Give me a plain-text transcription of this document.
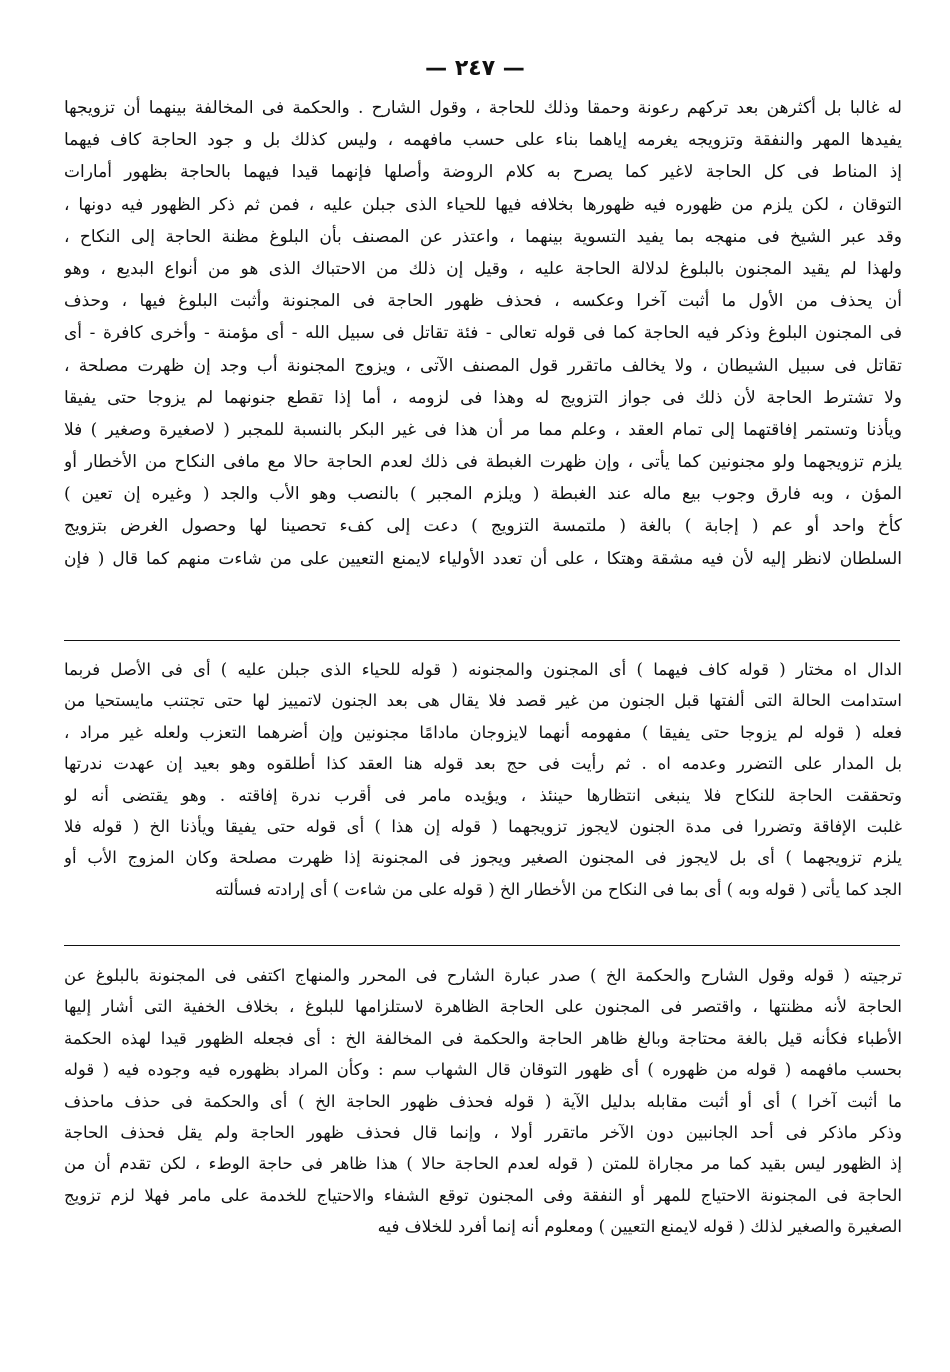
— ٢٤٧ —
له غالبا بل أكثرهن بعد تركهم رعونة وحمقا وذلك للحاجة ، وقول الشارح . والحكمة فى المخالفة بينهما أن تزويجها
يفيدها المهر والنفقة وتزويجه يغرمه إياهما بناء على حسب مافهمه ، وليس كذلك بل و جود الحاجة كاف فيهما
إذ المناط فى كل الحاجة لاغير كما يصرح به كلام الروضة وأصلها فإنهما قيدا فيهما بالحاجة بظهور أمارات
التوقان ، لكن يلزم من ظهوره فيه ظهورها بخلافه فيها للحياء الذى جبلن عليه ، فمن ثم ذكر الظهور فيه دونها ،
وقد عبر الشيخ فى منهجه بما يفيد التسوية بينهما ، واعتذر عن المصنف بأن البلوغ مظنة الحاجة إلى النكاح ،
ولهذا لم يقيد المجنون بالبلوغ لدلالة الحاجة عليه ، وقيل إن ذلك من الاحتباك الذى هو من أنواع البديع ، وهو
أن يحذف من الأول ما أثبت آخرا وعكسه ، فحذف ظهور الحاجة فى المجنونة وأثبت البلوغ فيها ، وحذف
فى المجنون البلوغ وذكر فيه الحاجة كما فى قوله تعالى - فئة تقاتل فى سبيل الله - أى مؤمنة - وأخرى كافرة - أى
تقاتل فى سبيل الشيطان ، ولا يخالف ماتقرر قول المصنف الآتى ، ويزوج المجنونة أب وجد إن ظهرت مصلحة ،
ولا تشترط الحاجة لأن ذلك فى جواز التزويج له وهذا فى لزومه ، أما إذا تقطع جنونهما لم يزوجا حتى يفيقا
ويأذنا وتستمر إفاقتهما إلى تمام العقد ، وعلم مما مر أن هذا فى غير البكر بالنسبة للمجبر ( لاصغيرة وصغير ) فلا
يلزم تزويجهما ولو مجنونين كما يأتى ، وإن ظهرت الغبطة فى ذلك لعدم الحاجة حالا مع مافى النكاح من الأخطار أو
المؤن ، وبه فارق وجوب بيع ماله عند الغبطة ( ويلزم المجبر ) بالنصب وهو الأب والجد ( وغيره إن تعين )
كأخ واحد أو عم ( إجابة ) بالغة ( ملتمسة التزويج ) دعت إلى كفء تحصينا لها وحصول الغرض بتزويج
السلطان لانظر إليه لأن فيه مشقة وهتكا ، على أن تعدد الأولياء لايمنع التعيين على من شاءت منهم كما قال ( فإن
الدال اه مختار ( قوله كاف فيهما ) أى المجنون والمجنونه ( قوله للحياء الذى جبلن عليه ) أى فى الأصل فربما
استدامت الحالة التى ألفتها قبل الجنون من غير قصد فلا يقال هى بعد الجنون لاتمييز لها حتى تجتنب مايستحيا من
فعله ( قوله لم يزوجا حتى يفيقا ) مفهومه أنهما لايزوجان مادامًا مجنونين وإن أضرهما التعزب ولعله غير مراد ،
بل المدار على التضرر وعدمه اه . ثم رأيت فى حج بعد قوله هنا العقد كذا أطلقوه وهو بعيد إن عهدت ندرتها
وتحققت الحاجة للنكاح فلا ينبغى انتظارها حينئذ ، ويؤيده مامر فى أقرب ندرة إفاقته . وهو يقتضى أنه لو
غلبت الإفاقة وتضررا فى مدة الجنون لايجوز تزويجهما ( قوله إن هذا ) أى قوله حتى يفيقا ويأذنا الخ ( قوله فلا
يلزم تزويجهما ) أى بل لايجوز فى المجنون الصغير ويجوز فى المجنونة إذا ظهرت مصلحة وكان المزوج الأب أو
الجد كما يأتى ( قوله وبه ) أى بما فى النكاح من الأخطار الخ ( قوله على من شاءت ) أى إرادته فسألته
ترجيته ( قوله وقول الشارح والحكمة الخ ) صدر عبارة الشارح فى المحرر والمنهاج اكتفى فى المجنونة بالبلوغ عن
الحاجة لأنه مظنتها ، واقتصر فى المجنون على الحاجة الظاهرة لاستلزامها للبلوغ ، بخلاف الخفية التى أشار إليها
الأطباء فكأنه قيل بالغة محتاجة وبالغ ظاهر الحاجة والحكمة فى المخالفة الخ : أى فجعله الظهور قيدا لهذه الحكمة
بحسب مافهمه ( قوله من ظهوره ) أى ظهور التوقان قال الشهاب سم : وكأن المراد بظهوره فيه وجوده فيه ( قوله
ما أثبت آخرا ) أى أو أثبت مقابله بدليل الآية ( قوله فحذف ظهور الحاجة الخ ) أى والحكمة فى حذف ماحذف
وذكر ماذكر فى أحد الجانبين دون الآخر ماتقرر أولا ، وإنما قال فحذف ظهور الحاجة ولم يقل فحذف الحاجة
إذ الظهور ليس بقيد كما مر مجاراة للمتن ( قوله لعدم الحاجة حالا ) هذا ظاهر فى حاجة الوطء ، لكن تقدم أن من
الحاجة فى المجنونة الاحتياج للمهر أو النفقة وفى المجنون توقع الشفاء والاحتياج للخدمة على مامر فهلا لزم تزويج
الصغيرة والصغير لذلك ( قوله لايمنع التعيين ) ومعلوم أنه إنما أفرد للخلاف فيه
